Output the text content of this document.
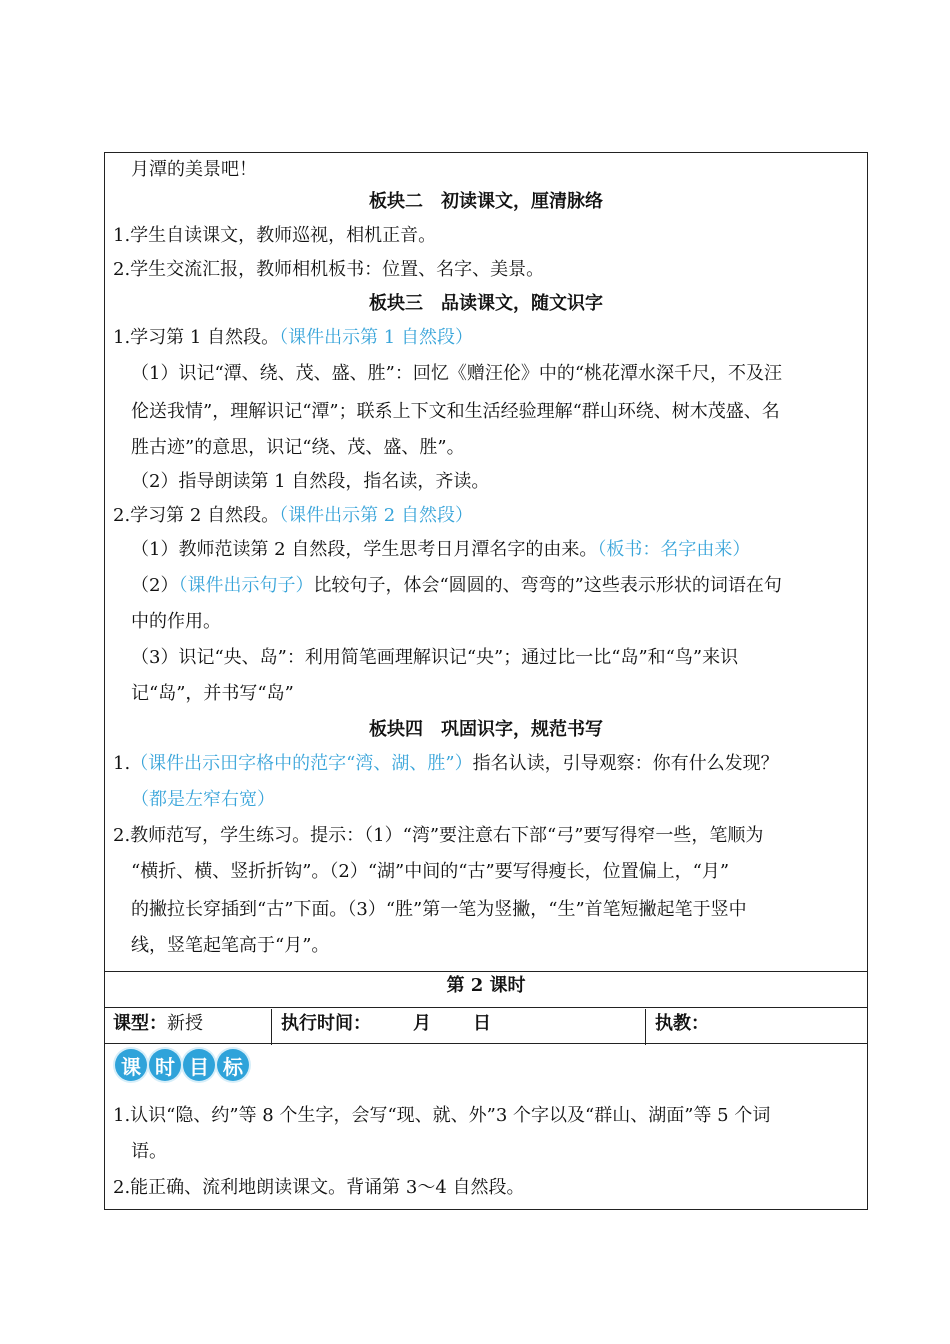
月潭的美景吧！
板块二　初读课文，厘清脉络
1.学生自读课文，教师巡视，相机正音。
2.学生交流汇报，教师相机板书：位置、名字、美景。
板块三　品读课文，随文识字
1.学习第 1 自然段。（课件出示第 1 自然段）
（1）识记“潭、绕、茂、盛、胜”：回忆《赠汪伦》中的“桃花潭水深千尺，不及汪
伦送我情”，理解识记“潭”；联系上下文和生活经验理解“群山环绕、树木茂盛、名
胜古迹”的意思，识记“绕、茂、盛、胜”。
（2）指导朗读第 1 自然段，指名读，齐读。
2.学习第 2 自然段。（课件出示第 2 自然段）
（1）教师范读第 2 自然段，学生思考日月潭名字的由来。（板书：名字由来）
（2）（课件出示句子）比较句子，体会“圆圆的、弯弯的”这些表示形状的词语在句
中的作用。
（3）识记“央、岛”：利用简笔画理解识记“央”；通过比一比“岛”和“鸟”来识
记“岛”，并书写“岛”
板块四　巩固识字，规范书写
1.（课件出示田字格中的范字“湾、湖、胜”）指名认读，引导观察：你有什么发现？
（都是左窄右宽）
2.教师范写，学生练习。提示：（1）“湾”要注意右下部“弓”要写得窄一些，笔顺为
“横折、横、竖折折钩”。（2）“湖”中间的“古”要写得瘦长，位置偏上，“月”
的撇拉长穿插到“古”下面。（3）“胜”第一笔为竖撇，“生”首笔短撇起笔于竖中
线，竖笔起笔高于“月”。
第 2 课时
课型：新授	执行时间： 月 日	执教：
课 时 目 标
1.认识“隐、约”等 8 个生字，会写“现、就、外”3 个字以及“群山、湖面”等 5 个词
语。
2.能正确、流利地朗读课文。背诵第 3～4 自然段。
